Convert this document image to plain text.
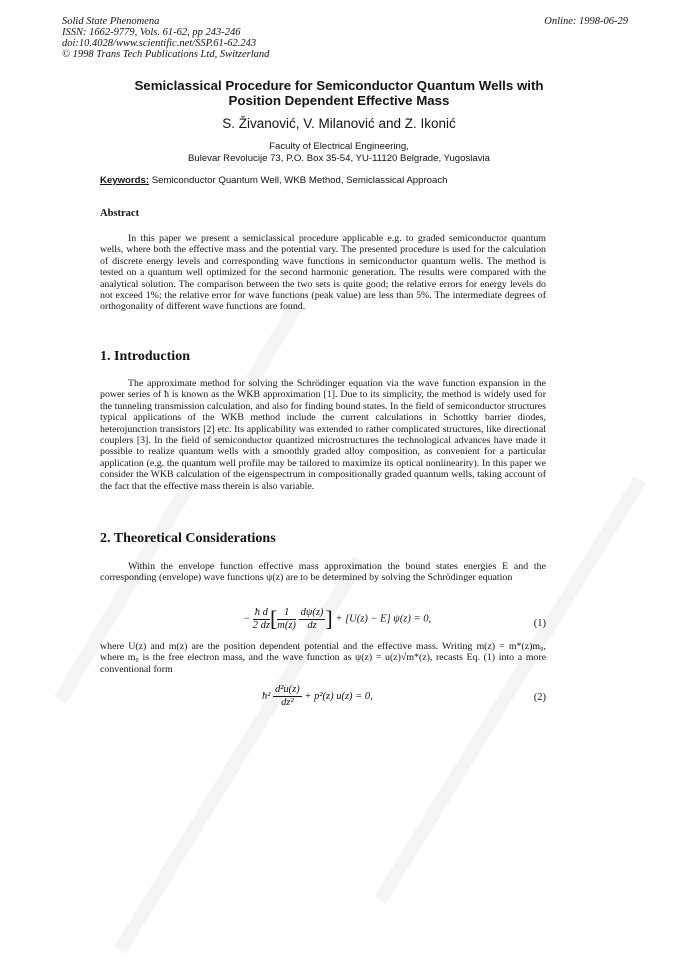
Solid State Phenomena
ISSN: 1662-9779, Vols. 61-62, pp 243-246
doi:10.4028/www.scientific.net/SSP.61-62.243
© 1998 Trans Tech Publications Ltd, Switzerland
Online: 1998-06-29
Semiclassical Procedure for Semiconductor Quantum Wells with
Position Dependent Effective Mass
S. Živanović, V. Milanović and Z. Ikonić
Faculty of Electrical Engineering,
Bulevar Revolucije 73, P.O. Box 35-54, YU-11120 Belgrade, Yugoslavia
Keywords: Semiconductor Quantum Well, WKB Method, Semiclassical Approach
Abstract
In this paper we present a semiclassical procedure applicable e.g. to graded semiconductor quantum wells, where both the effective mass and the potential vary. The presented procedure is used for the calculation of discrete energy levels and corresponding wave functions in semiconductor quantum wells. The method is tested on a quantum well optimized for the second harmonic generation. The results were compared with the analytical solution. The comparison between the two sets is quite good; the relative errors for energy levels do not exceed 1%; the relative error for wave functions (peak value) are less than 5%. The intermediate degrees of orthogonality of different wave functions are found.
1. Introduction
The approximate method for solving the Schrödinger equation via the wave function expansion in the power series of ħ is known as the WKB approximation [1]. Due to its simplicity, the method is widely used for the tunneling transmission calculation, and also for finding bound states. In the field of semiconductor structures typical applications of the WKB method include the current calculations in Schottky barrier diodes, heterojunction transistors [2] etc. Its applicability was extended to rather complicated structures, like directional couplers [3]. In the field of semiconductor quantized microstructures the technological advances have made it possible to realize quantum wells with a smoothly graded alloy composition, as convenient for a particular application (e.g. the quantum well profile may be tailored to maximize its optical nonlinearity). In this paper we consider the WKB calculation of the eigenspectrum in compositionally graded quantum wells, taking account of the fact that the effective mass therein is also variable.
2. Theoretical Considerations
Within the envelope function effective mass approximation the bound states energies E and the corresponding (envelope) wave functions ψ(z) are to be determined by solving the Schrödinger equation
− $\frac{\text{ħ d}}{2 dz}$ [ $\frac{1}{m(z)}$
$\frac{d\psi(z)}{dz}$ ] + [U(z) − E] ψ(z) = 0,	(1)
where U(z) and m(z) are the position dependent potential and the effective mass. Writing m(z) = m*(z)m₀, where m₀ is the free electron mass, and the wave function as ψ(z) = u(z)√m*(z), recasts Eq. (1) into a more conventional form
ħ² $\frac{\text{d²u(z)}}{\text{dz²}} + p^2(z) u(z) = 0$,	(2)
